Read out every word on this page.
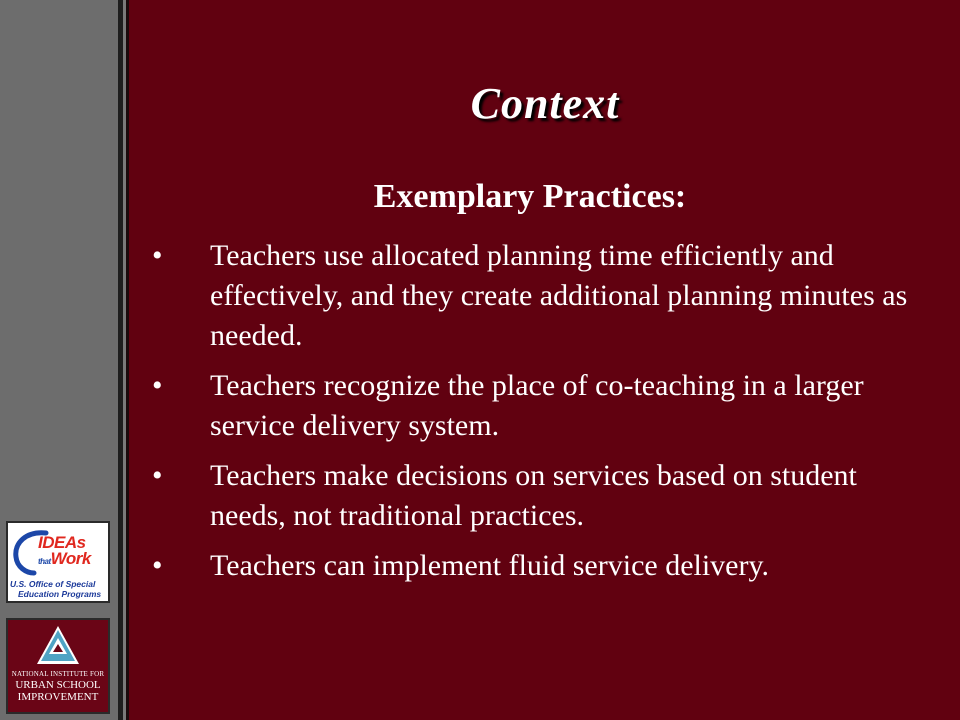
Context
Exemplary Practices:
• Teachers use allocated planning time efficiently and effectively, and they create additional planning minutes as needed.
• Teachers recognize the place of co-teaching in a larger service delivery system.
• Teachers make decisions on services based on student needs, not traditional practices.
• Teachers can implement fluid service delivery.
IDEAs
thatWork
U.S. Office of Special
Education Programs
NATIONAL INSTITUTE FOR
URBAN SCHOOL
IMPROVEMENT
